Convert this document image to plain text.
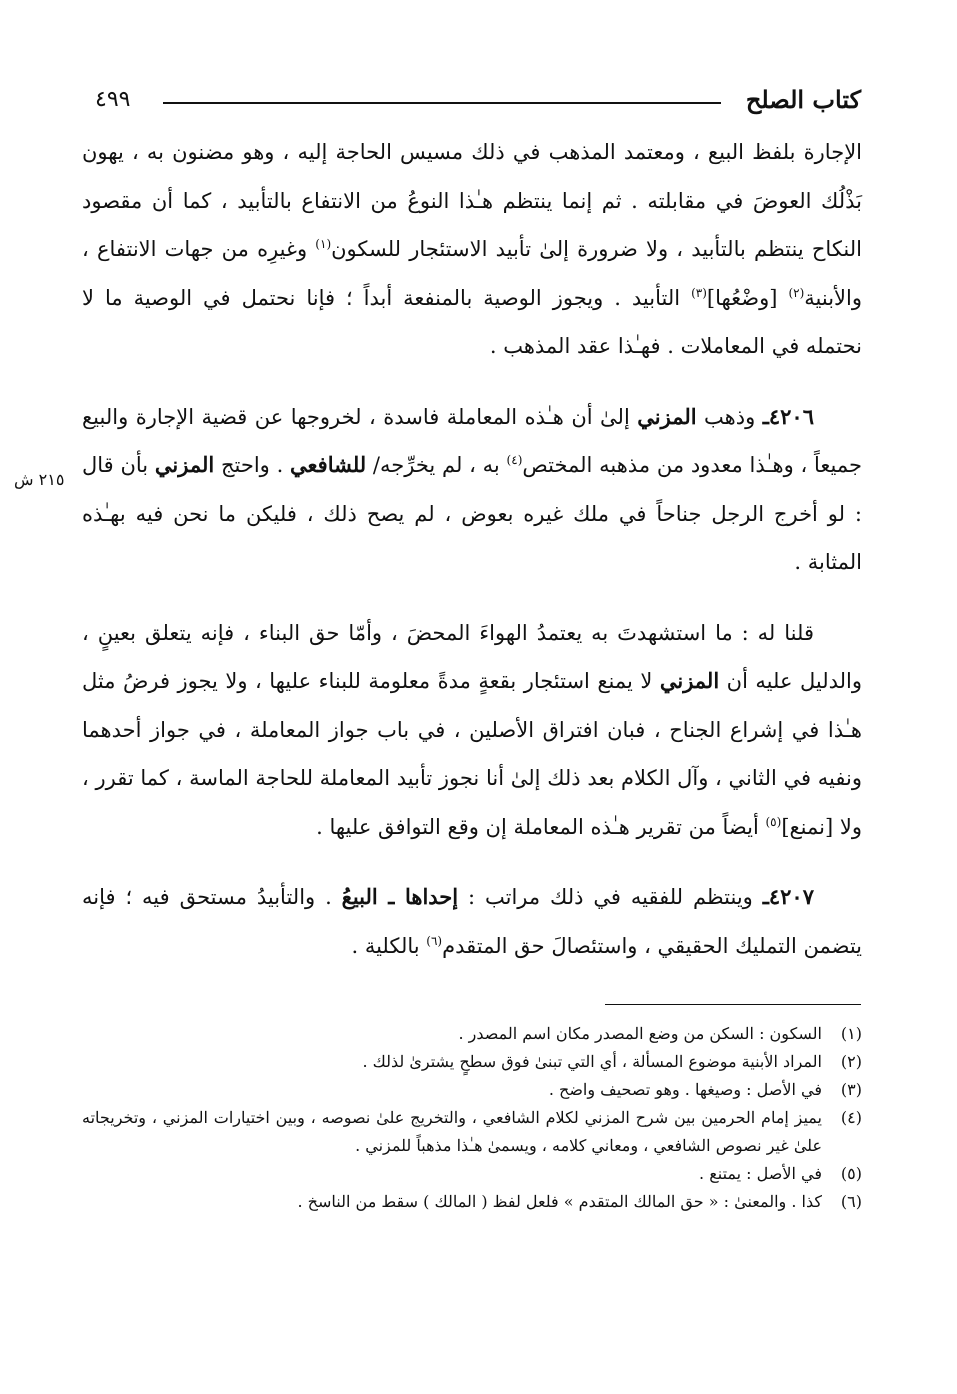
كتاب الصلح
٤٩٩
٢١٥ ش

الإجارة بلفظ البيع ، ومعتمد المذهب في ذلك مسيس الحاجة إليه ، وهو مضنون به ، يهون بَذْلُك العوضَ في مقابلته . ثم إنما ينتظم هـٰذا النوعُ من الانتفاع بالتأبيد ، كما أن مقصود النكاح ينتظم بالتأبيد ، ولا ضرورة إلىٰ تأبيد الاستئجار للسكون$^{(١)}$ وغيرِه من جهات الانتفاع ، والأبنية$^{(٢)}$ [وضْعُها]$^{(٣)}$ التأبيد . ويجوز الوصية بالمنفعة أبداً ؛ فإنا نحتمل في الوصية ما لا نحتمله في المعاملات . فهـٰذا عقد المذهب .

٤٢٠٦ـ وذهب المزني إلىٰ أن هـٰذه المعاملة فاسدة ، لخروجها عن قضية الإجارة والبيع جميعاً ، وهـٰذا معدود من مذهبه المختص$^{(٤)}$ به ، لم يخرِّجه/ للشافعي . واحتج المزني بأن قال : لو أخرج الرجل جناحاً في ملك غيره بعوض ، لم يصح ذلك ، فليكن ما نحن فيه بهـٰذه المثابة .

قلنا له : ما استشهدتَ به يعتمدُ الهواءَ المحضَ ، وأمّا حق البناء ، فإنه يتعلق بعينٍ ، والدليل عليه أن المزني لا يمنع استئجار بقعةٍ مدةً معلومة للبناء عليها ، ولا يجوز فرضُ مثل هـٰذا في إشراع الجناح ، فبان افتراق الأصلين ، في باب جواز المعاملة ، في جواز أحدهما ونفيه في الثاني ، وآل الكلام بعد ذلك إلىٰ أنا نجوز تأبيد المعاملة للحاجة الماسة ، كما تقرر ، ولا [نمنع]$^{(٥)}$ أيضاً من تقرير هـٰذه المعاملة إن وقع التوافق عليها .

٤٢٠٧ـ وينتظم للفقيه في ذلك مراتب : إحداها ـ البيعُ . والتأبيدُ مستحق فيه ؛ فإنه يتضمن التمليك الحقيقي ، واستئصالَ حق المتقدم$^{(٦)}$ بالكلية .

(١)
السكون : السكن من وضع المصدر مكان اسم المصدر .
(٢)
المراد الأبنية موضوع المسألة ، أي التي تبنىٰ فوق سطحٍ يشترىٰ لذلك .
(٣)
في الأصل : وصيغها . وهو تصحيف واضح .
(٤)
يميز إمام الحرمين بين شرح المزني لكلام الشافعي ، والتخريج علىٰ نصوصه ، وبين اختيارات المزني ، وتخريجاته علىٰ غير نصوص الشافعي ، ومعاني كلامه ، ويسمىٰ هـٰذا مذهباً للمزني .
(٥)
في الأصل : يمتنع .
(٦)
كذا . والمعنىٰ : « حق المالك المتقدم » فلعل لفظ ( المالك ) سقط من الناسخ .
